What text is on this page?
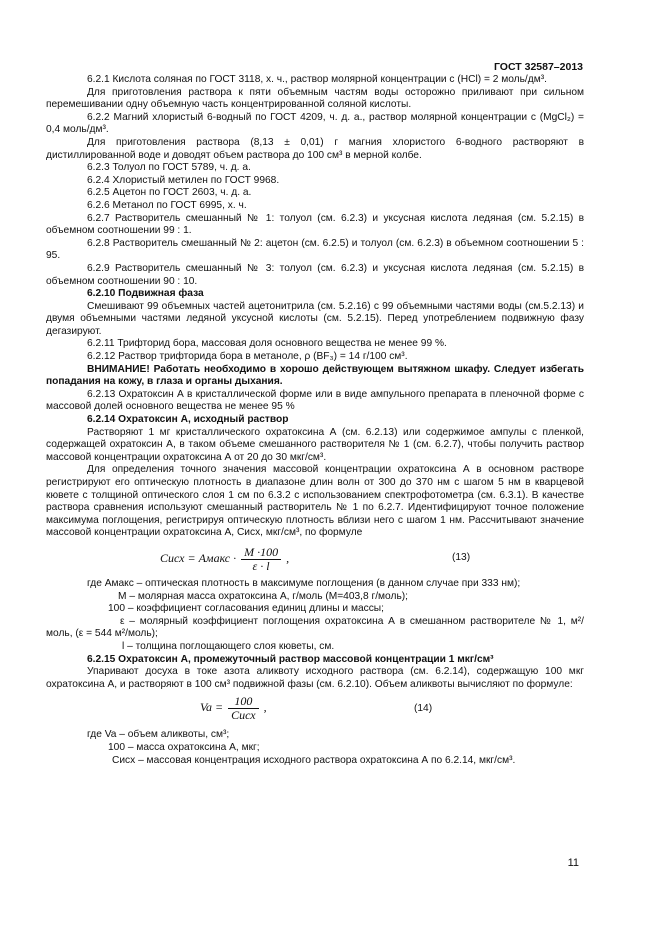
ГОСТ 32587–2013

6.2.1 Кислота соляная по ГОСТ 3118, х. ч., раствор молярной концентрации c (HCl) = 2 моль/дм³.

Для приготовления раствора к пяти объемным частям воды осторожно приливают при сильном перемешивании одну объемную часть концентрированной соляной кислоты.

6.2.2 Магний хлористый 6-водный по ГОСТ 4209, ч. д. а., раствор молярной концентрации c (MgCl₂) = 0,4 моль/дм³.

Для приготовления раствора (8,13 ± 0,01) г магния хлористого 6-водного растворяют в дистиллированной воде и доводят объем раствора до 100 см³ в мерной колбе.

6.2.3 Толуол по ГОСТ 5789, ч. д. а.

6.2.4 Хлористый метилен по ГОСТ 9968.

6.2.5 Ацетон по ГОСТ 2603, ч. д. а.

6.2.6 Метанол по ГОСТ 6995, х. ч.

6.2.7 Растворитель смешанный № 1: толуол (см. 6.2.3) и уксусная кислота ледяная (см. 5.2.15) в объемном соотношении 99 : 1.

6.2.8 Растворитель смешанный № 2: ацетон (см. 6.2.5) и толуол (см. 6.2.3) в объемном соотношении 5 : 95.

6.2.9 Растворитель смешанный № 3: толуол (см. 6.2.3) и уксусная кислота ледяная (см. 5.2.15) в объемном соотношении 90 : 10.

6.2.10 Подвижная фаза

Смешивают 99 объемных частей ацетонитрила (см. 5.2.16) с 99 объемными частями воды (см.5.2.13) и двумя объемными частями ледяной уксусной кислоты (см. 5.2.15). Перед употреблением подвижную фазу дегазируют.

6.2.11 Трифторид бора, массовая доля основного вещества не менее 99 %.

6.2.12 Раствор трифторида бора в метаноле, ρ (BF₃) = 14 г/100 см³.

ВНИМАНИЕ! Работать необходимо в хорошо действующем вытяжном шкафу. Следует избегать попадания на кожу, в глаза и органы дыхания.

6.2.13 Охратоксин А в кристаллической форме или в виде ампульного препарата в пленочной форме с массовой долей основного вещества не менее 95 %

6.2.14 Охратоксин А, исходный раствор

Растворяют 1 мг кристаллического охратоксина А (см. 6.2.13) или содержимое ампулы с пленкой, содержащей охратоксин А, в таком объеме смешанного растворителя № 1 (см. 6.2.7), чтобы получить раствор массовой концентрации охратоксина А от 20 до 30 мкг/см³.

Для определения точного значения массовой концентрации охратоксина А в основном растворе регистрируют его оптическую плотность в диапазоне длин волн от 300 до 370 нм с шагом 5 нм в кварцевой кювете с толщиной оптического слоя 1 см по 6.3.2 с использованием спектрофотометра (см. 6.3.1). В качестве раствора сравнения используют смешанный растворитель № 1 по 6.2.7. Идентифицируют точное положение максимума поглощения, регистрируя оптическую плотность вблизи него с шагом 1 нм. Рассчитывают значение массовой концентрации охратоксина А, Cисх, мкг/см³, по формуле

Cисх = Aмакс · $\frac{M \cdot 100}{\varepsilon \cdot l}$ ,	(13)

где Aмакс – оптическая плотность в максимуме поглощения (в данном случае при 333 нм);

M – молярная масса охратоксина А, г/моль (M=403,8 г/моль);

100 – коэффициент согласования единиц длины и массы;

ε – молярный коэффициент поглощения охратоксина А в смешанном растворителе № 1, м²/моль, (ε = 544 м²/моль);

l – толщина поглощающего слоя кюветы, см.

6.2.15 Охратоксин А, промежуточный раствор массовой концентрации 1 мкг/см³

Упаривают досуха в токе азота аликвоту исходного раствора (см. 6.2.14), содержащую 100 мкг охратоксина А, и растворяют в 100 см³ подвижной фазы (см. 6.2.10). Объем аликвоты вычисляют по формуле:

$Va = \frac{100}{\text{Cисх}}$ ,	(14)

где Va – объем аликвоты, см³;

100 – масса охратоксина А, мкг;

Cисх – массовая концентрация исходного раствора охратоксина А по 6.2.14, мкг/см³.

11
